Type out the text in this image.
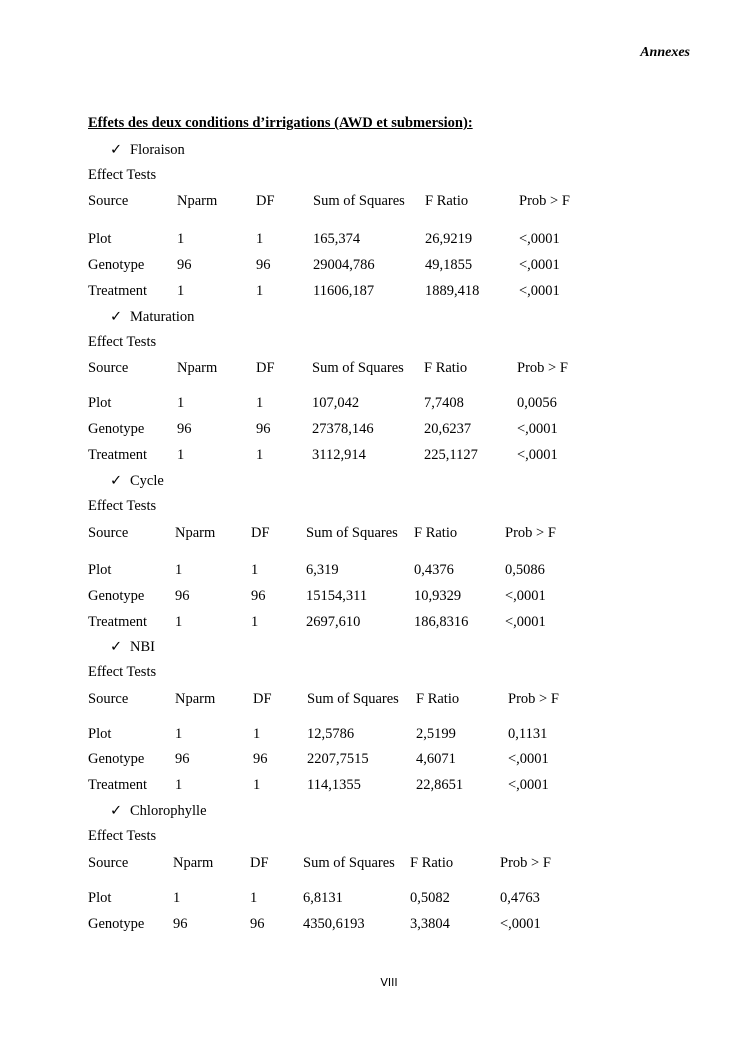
Annexes
Effets des deux conditions d’irrigations (AWD et submersion):
✓ Floraison
Effect Tests
Source	Nparm	DF	Sum of Squares F Ratio	Prob > F
Plot	1	1	165,374	26,9219	<,0001
Genotype 96	96	29004,786	49,1855	<,0001
Treatment 1	1	11606,187	1889,418	<,0001
✓ Maturation
Effect Tests
Source	Nparm	DF	Sum of Squares F Ratio	Prob > F
Plot	1	1	107,042	7,7408	0,0056
Genotype 96	96	27378,146	20,6237	<,0001
Treatment 1	1	3112,914	225,1127	<,0001
✓ Cycle
Effect Tests
Source	Nparm DF	Sum of Squares F Ratio	Prob > F
Plot	1	1	6,319	0,4376	0,5086
Genotype 96	96	15154,311	10,9329	<,0001
Treatment 1	1	2697,610	186,8316	<,0001
✓ NBI
Effect Tests
Source	Nparm	DF Sum of Squares F Ratio	Prob > F
Plot	1	1	12,5786	2,5199	0,1131
Genotype 96	96	2207,7515	4,6071	<,0001
Treatment 1	1	114,1355	22,8651	<,0001
✓ Chlorophylle
Effect Tests
Source	Nparm	DF Sum of Squares F Ratio	Prob > F
Plot	1	1	6,8131	0,5082	0,4763
Genotype 96	96	4350,6193	3,3804	<,0001
VIII
